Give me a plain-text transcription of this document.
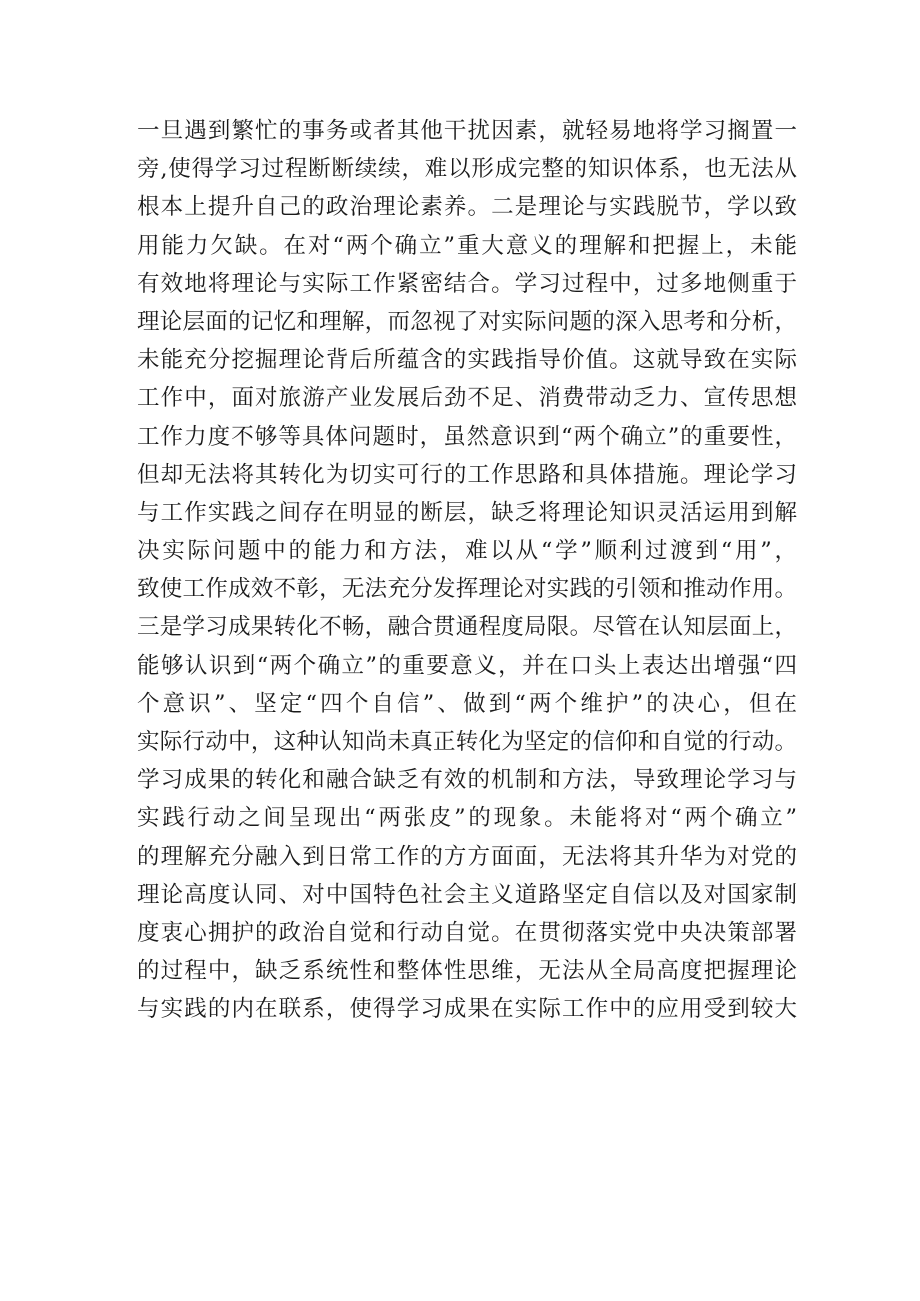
一旦遇到繁忙的事务或者其他干扰因素，就轻易地将学习搁置一
旁,使得学习过程断断续续，难以形成完整的知识体系，也无法从
根本上提升自己的政治理论素养。二是理论与实践脱节，学以致
用能力欠缺。在对“两个确立”重大意义的理解和把握上，未能
有效地将理论与实际工作紧密结合。学习过程中，过多地侧重于
理论层面的记忆和理解，而忽视了对实际问题的深入思考和分析，
未能充分挖掘理论背后所蕴含的实践指导价值。这就导致在实际
工作中，面对旅游产业发展后劲不足、消费带动乏力、宣传思想
工作力度不够等具体问题时，虽然意识到“两个确立”的重要性，
但却无法将其转化为切实可行的工作思路和具体措施。理论学习
与工作实践之间存在明显的断层，缺乏将理论知识灵活运用到解
决实际问题中的能力和方法，难以从“学”顺利过渡到“用”，
致使工作成效不彰，无法充分发挥理论对实践的引领和推动作用。
三是学习成果转化不畅，融合贯通程度局限。尽管在认知层面上，
能够认识到“两个确立”的重要意义，并在口头上表达出增强“四
个意识”、坚定“四个自信”、做到“两个维护”的决心，但在
实际行动中，这种认知尚未真正转化为坚定的信仰和自觉的行动。
学习成果的转化和融合缺乏有效的机制和方法，导致理论学习与
实践行动之间呈现出“两张皮”的现象。未能将对“两个确立”
的理解充分融入到日常工作的方方面面，无法将其升华为对党的
理论高度认同、对中国特色社会主义道路坚定自信以及对国家制
度衷心拥护的政治自觉和行动自觉。在贯彻落实党中央决策部署
的过程中，缺乏系统性和整体性思维，无法从全局高度把握理论
与实践的内在联系，使得学习成果在实际工作中的应用受到较大
